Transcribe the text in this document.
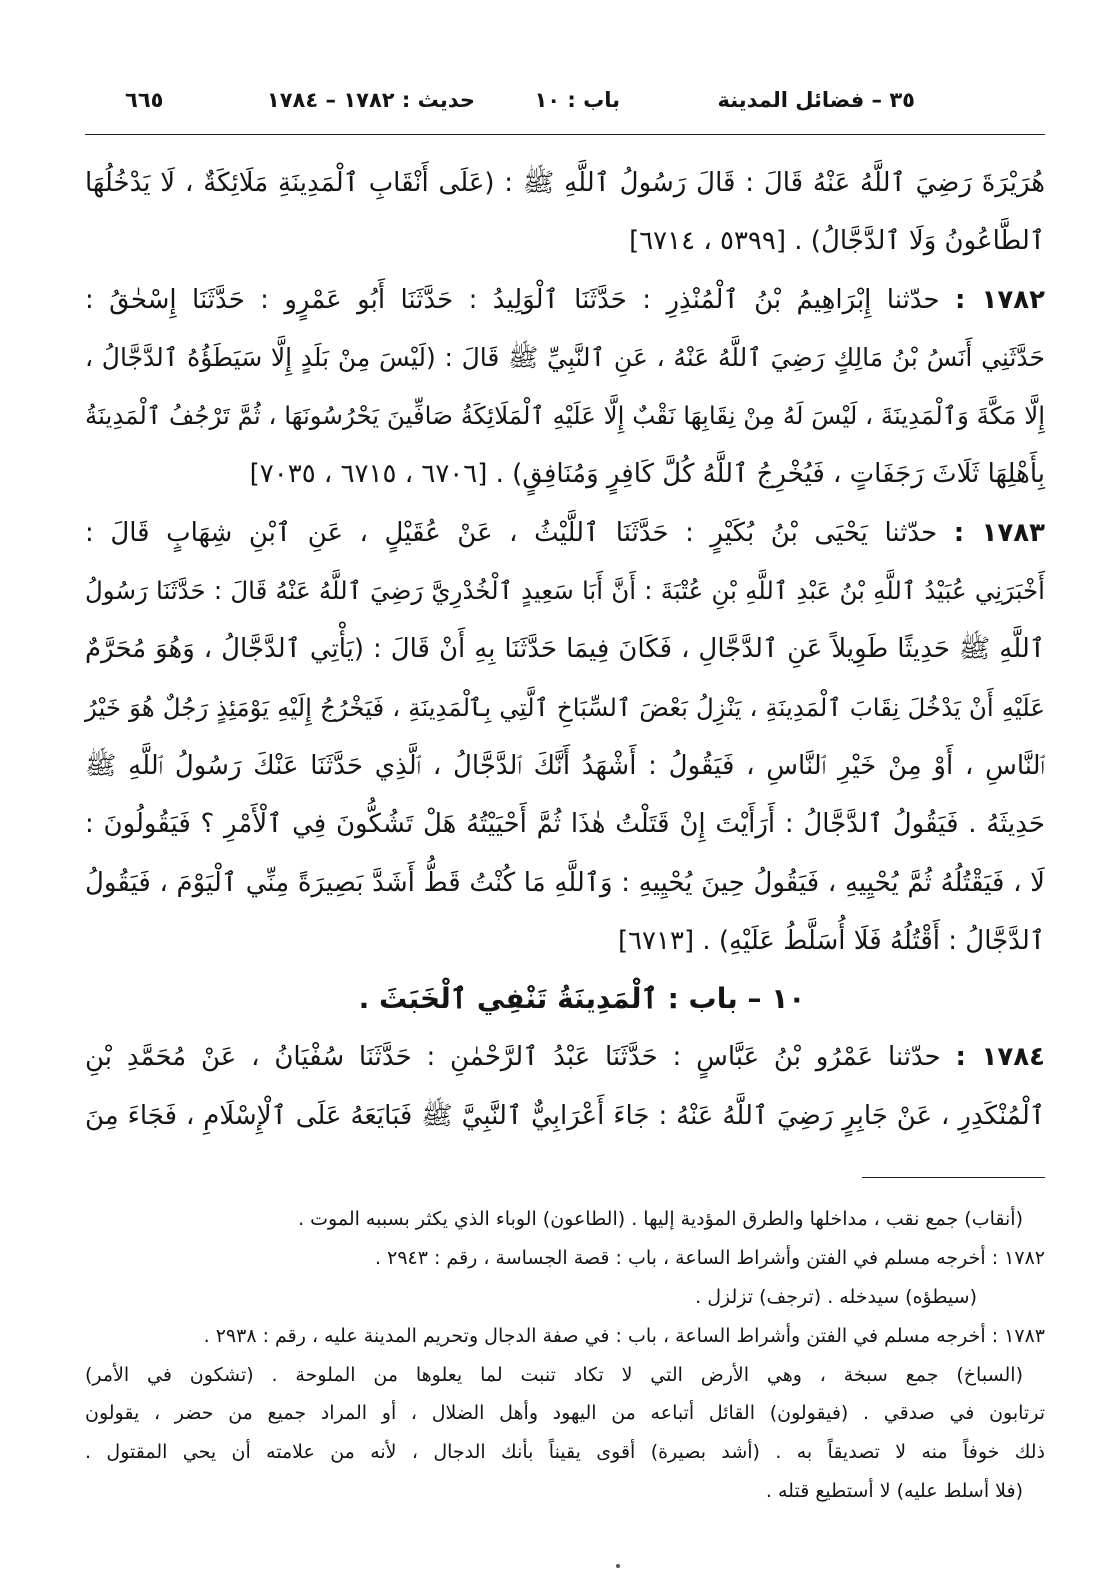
٣٥ – فضائل المدينة
باب : ١٠
حديث : ١٧٨٢ – ١٧٨٤
٦٦٥
هُرَيْرَةَ رَضِيَ ٱللَّهُ عَنْهُ قَالَ : قَالَ رَسُولُ ٱللَّهِ ﷺ : (عَلَى أَنْقَابِ ٱلْمَدِينَةِ مَلَائِكَةٌ ، لَا يَدْخُلُهَا
ٱلطَّاعُونُ وَلَا ٱلدَّجَّالُ) . [٥٣٩٩ ، ٦٧١٤]
١٧٨٢ : حدّثنا إِبْرَاهِيمُ بْنُ ٱلْمُنْذِرِ : حَدَّثَنَا ٱلْوَلِيدُ : حَدَّثَنَا أَبُو عَمْرٍو : حَدَّثَنَا إِسْحٰقُ :
حَدَّثَنِي أَنَسُ بْنُ مَالِكٍ رَضِيَ ٱللَّهُ عَنْهُ ، عَنِ ٱلنَّبِيِّ ﷺ قَالَ : (لَيْسَ مِنْ بَلَدٍ إِلَّا سَيَطَؤُهُ ٱلدَّجَّالُ ،
إِلَّا مَكَّةَ وَٱلْمَدِينَةَ ، لَيْسَ لَهُ مِنْ نِقَابِهَا نَقْبٌ إِلَّا عَلَيْهِ ٱلْمَلَائِكَةُ صَافِّينَ يَحْرُسُونَهَا ، ثُمَّ تَرْجُفُ ٱلْمَدِينَةُ
بِأَهْلِهَا ثَلَاثَ رَجَفَاتٍ ، فَيُخْرِجُ ٱللَّهُ كُلَّ كَافِرٍ وَمُنَافِقٍ) . [٦٧٠٦ ، ٦٧١٥ ، ٧٠٣٥]
١٧٨٣ : حدّثنا يَحْيَى بْنُ بُكَيْرٍ : حَدَّثَنَا ٱللَّيْثُ ، عَنْ عُقَيْلٍ ، عَنِ ٱبْنِ شِهَابٍ قَالَ :
أَخْبَرَنِي عُبَيْدُ ٱللَّهِ بْنُ عَبْدِ ٱللَّهِ بْنِ عُتْبَةَ : أَنَّ أَبَا سَعِيدٍ ٱلْخُدْرِيَّ رَضِيَ ٱللَّهُ عَنْهُ قَالَ : حَدَّثَنَا رَسُولُ
ٱللَّهِ ﷺ حَدِيثًا طَوِيلاً عَنِ ٱلدَّجَّالِ ، فَكَانَ فِيمَا حَدَّثَنَا بِهِ أَنْ قَالَ : (يَأْتِي ٱلدَّجَّالُ ، وَهُوَ مُحَرَّمٌ
عَلَيْهِ أَنْ يَدْخُلَ نِقَابَ ٱلْمَدِينَةِ ، يَنْزِلُ بَعْضَ ٱلسِّبَاخِ ٱلَّتِي بِٱلْمَدِينَةِ ، فَيَخْرُجُ إِلَيْهِ يَوْمَئِذٍ رَجُلٌ هُوَ خَيْرُ
ٱلنَّاسِ ، أَوْ مِنْ خَيْرِ ٱلنَّاسِ ، فَيَقُولُ : أَشْهَدُ أَنَّكَ ٱلدَّجَّالُ ، ٱلَّذِي حَدَّثَنَا عَنْكَ رَسُولُ ٱللَّهِ ﷺ
حَدِيثَهُ . فَيَقُولُ ٱلدَّجَّالُ : أَرَأَيْتَ إِنْ قَتَلْتُ هٰذَا ثُمَّ أَحْيَيْتُهُ هَلْ تَشُكُّونَ فِي ٱلْأَمْرِ ؟ فَيَقُولُونَ :
لَا ، فَيَقْتُلُهُ ثُمَّ يُحْيِيهِ ، فَيَقُولُ حِينَ يُحْيِيهِ : وَٱللَّهِ مَا كُنْتُ قَطُّ أَشَدَّ بَصِيرَةً مِنِّي ٱلْيَوْمَ ، فَيَقُولُ
ٱلدَّجَّالُ : أَقْتُلُهُ فَلَا أُسَلَّطُ عَلَيْهِ) . [٦٧١٣]
١٠ – باب : ٱلْمَدِينَةُ تَنْفِي ٱلْخَبَثَ .
١٧٨٤ : حدّثنا عَمْرُو بْنُ عَبَّاسٍ : حَدَّثَنَا عَبْدُ ٱلرَّحْمٰنِ : حَدَّثَنَا سُفْيَانُ ، عَنْ مُحَمَّدِ بْنِ
ٱلْمُنْكَدِرِ ، عَنْ جَابِرٍ رَضِيَ ٱللَّهُ عَنْهُ : جَاءَ أَعْرَابِيٌّ ٱلنَّبِيَّ ﷺ فَبَايَعَهُ عَلَى ٱلْإِسْلَامِ ، فَجَاءَ مِنَ
(أنقاب) جمع نقب ، مداخلها والطرق المؤدية إليها . (الطاعون) الوباء الذي يكثر بسببه الموت .
١٧٨٢ : أخرجه مسلم في الفتن وأشراط الساعة ، باب : قصة الجساسة ، رقم : ٢٩٤٣ .
(سيطؤه) سيدخله . (ترجف) تزلزل .
١٧٨٣ : أخرجه مسلم في الفتن وأشراط الساعة ، باب : في صفة الدجال وتحريم المدينة عليه ، رقم : ٢٩٣٨ .
(السباخ) جمع سبخة ، وهي الأرض التي لا تكاد تنبت لما يعلوها من الملوحة . (تشكون في الأمر)
ترتابون في صدقي . (فيقولون) القائل أتباعه من اليهود وأهل الضلال ، أو المراد جميع من حضر ، يقولون
ذلك خوفاً منه لا تصديقاً به . (أشد بصيرة) أقوى يقيناً بأنك الدجال ، لأنه من علامته أن يحي المقتول .
(فلا أسلط عليه) لا أستطيع قتله .
